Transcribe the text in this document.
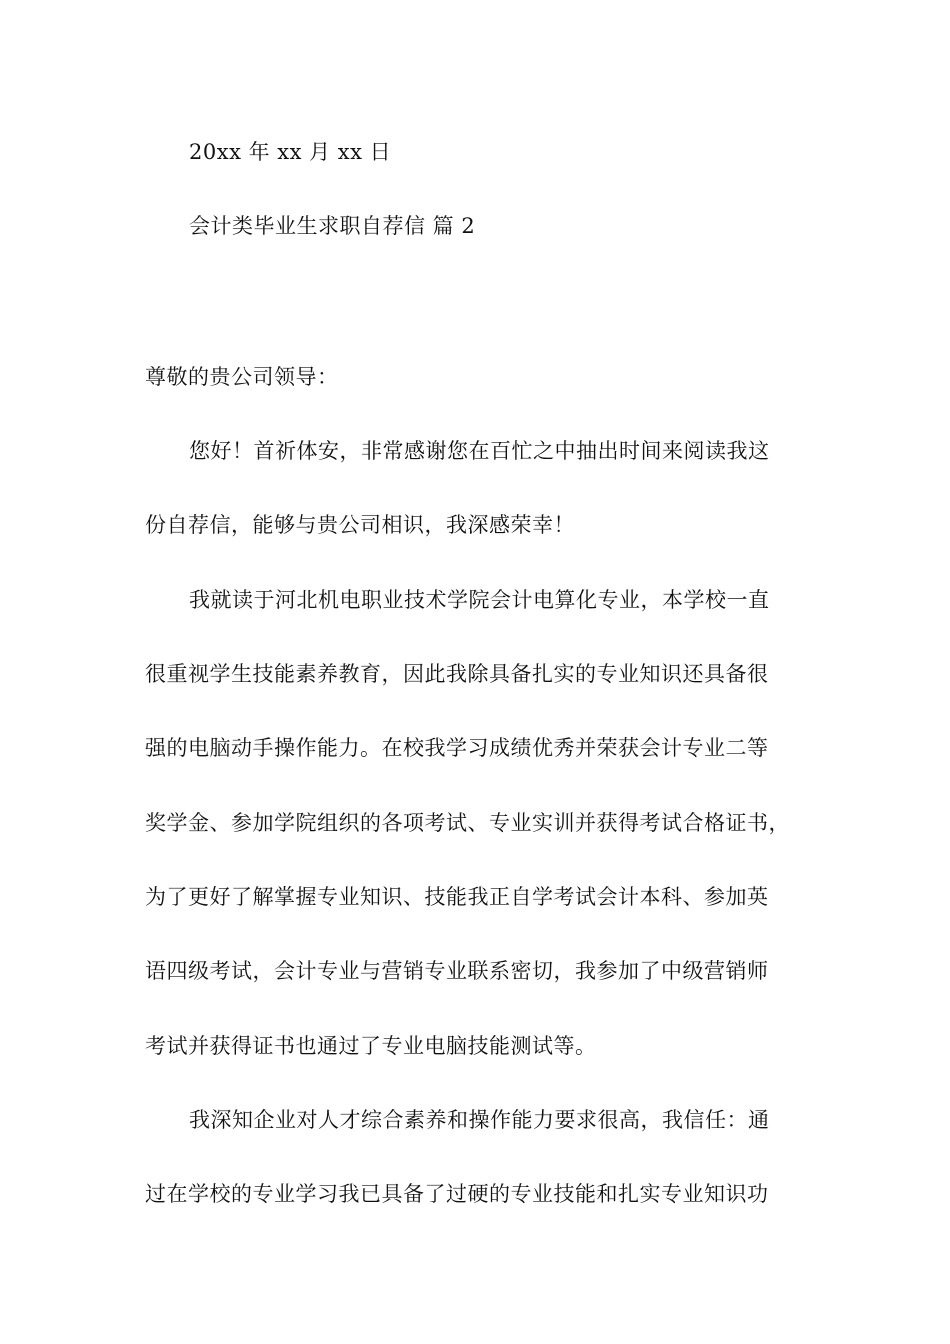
20xx 年 xx 月 xx 日
会计类毕业生求职自荐信 篇 2
尊敬的贵公司领导：
您好！首祈体安，非常感谢您在百忙之中抽出时间来阅读我这
份自荐信，能够与贵公司相识，我深感荣幸！
我就读于河北机电职业技术学院会计电算化专业，本学校一直
很重视学生技能素养教育，因此我除具备扎实的专业知识还具备很
强的电脑动手操作能力。在校我学习成绩优秀并荣获会计专业二等
奖学金、参加学院组织的各项考试、专业实训并获得考试合格证书，
为了更好了解掌握专业知识、技能我正自学考试会计本科、参加英
语四级考试，会计专业与营销专业联系密切，我参加了中级营销师
考试并获得证书也通过了专业电脑技能测试等。
我深知企业对人才综合素养和操作能力要求很高，我信任：通
过在学校的专业学习我已具备了过硬的专业技能和扎实专业知识功
